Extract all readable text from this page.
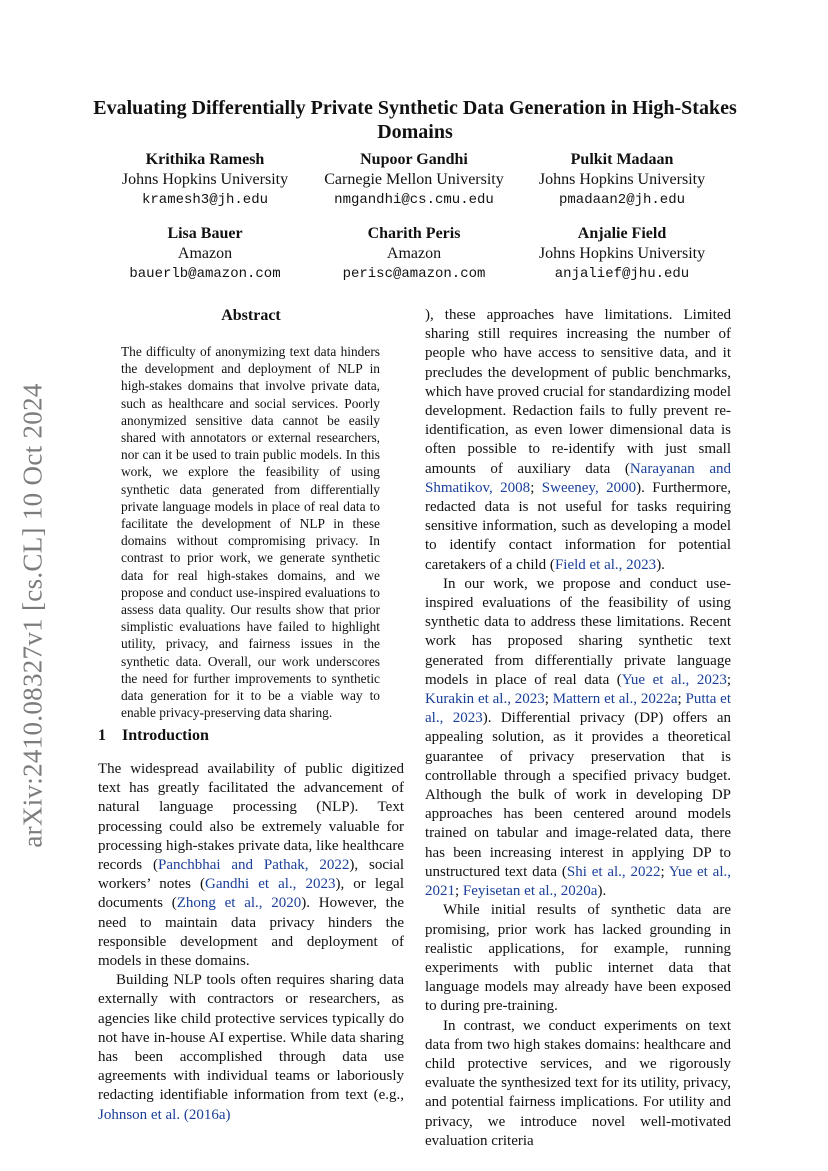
arXiv:2410.08327v1 [cs.CL] 10 Oct 2024
Evaluating Differentially Private Synthetic Data Generation in High-Stakes Domains
Krithika Ramesh
Johns Hopkins University
kramesh3@jh.edu
Nupoor Gandhi
Carnegie Mellon University
nmgandhi@cs.cmu.edu
Pulkit Madaan
Johns Hopkins University
pmadaan2@jh.edu
Lisa Bauer
Amazon
bauerlb@amazon.com
Charith Peris
Amazon
perisc@amazon.com
Anjalie Field
Johns Hopkins University
anjalief@jhu.edu
Abstract
The difficulty of anonymizing text data hinders the development and deployment of NLP in high-stakes domains that involve private data, such as healthcare and social services. Poorly anonymized sensitive data cannot be easily shared with annotators or external researchers, nor can it be used to train public models. In this work, we explore the feasibility of using synthetic data generated from differentially private language models in place of real data to facilitate the development of NLP in these domains without compromising privacy. In contrast to prior work, we generate synthetic data for real high-stakes domains, and we propose and conduct use-inspired evaluations to assess data quality. Our results show that prior simplistic evaluations have failed to highlight utility, privacy, and fairness issues in the synthetic data. Overall, our work underscores the need for further improvements to synthetic data generation for it to be a viable way to enable privacy-preserving data sharing.
1 Introduction

The widespread availability of public digitized text has greatly facilitated the advancement of natural language processing (NLP). Text processing could also be extremely valuable for processing high-stakes private data, like healthcare records (Panchbhai and Pathak, 2022), social workers’ notes (Gandhi et al., 2023), or legal documents (Zhong et al., 2020). However, the need to maintain data privacy hinders the responsible development and deployment of models in these domains.

Building NLP tools often requires sharing data externally with contractors or researchers, as agencies like child protective services typically do not have in-house AI expertise. While data sharing has been accomplished through data use agreements with individual teams or laboriously redacting identifiable information from text (e.g., Johnson et al. (2016a)

), these approaches have limitations. Limited sharing still requires increasing the number of people who have access to sensitive data, and it precludes the development of public benchmarks, which have proved crucial for standardizing model development. Redaction fails to fully prevent re-identification, as even lower dimensional data is often possible to re-identify with just small amounts of auxiliary data (Narayanan and Shmatikov, 2008; Sweeney, 2000). Furthermore, redacted data is not useful for tasks requiring sensitive information, such as developing a model to identify contact information for potential caretakers of a child (Field et al., 2023).

In our work, we propose and conduct use-inspired evaluations of the feasibility of using synthetic data to address these limitations. Recent work has proposed sharing synthetic text generated from differentially private language models in place of real data (Yue et al., 2023; Kurakin et al., 2023; Mattern et al., 2022a; Putta et al., 2023). Differential privacy (DP) offers an appealing solution, as it provides a theoretical guarantee of privacy preservation that is controllable through a specified privacy budget. Although the bulk of work in developing DP approaches has been centered around models trained on tabular and image-related data, there has been increasing interest in applying DP to unstructured text data (Shi et al., 2022; Yue et al., 2021; Feyisetan et al., 2020a).

While initial results of synthetic data are promising, prior work has lacked grounding in realistic applications, for example, running experiments with public internet data that language models may already have been exposed to during pre-training.

In contrast, we conduct experiments on text data from two high stakes domains: healthcare and child protective services, and we rigorously evaluate the synthesized text for its utility, privacy, and potential fairness implications. For utility and privacy, we introduce novel well-motivated evaluation criteria
